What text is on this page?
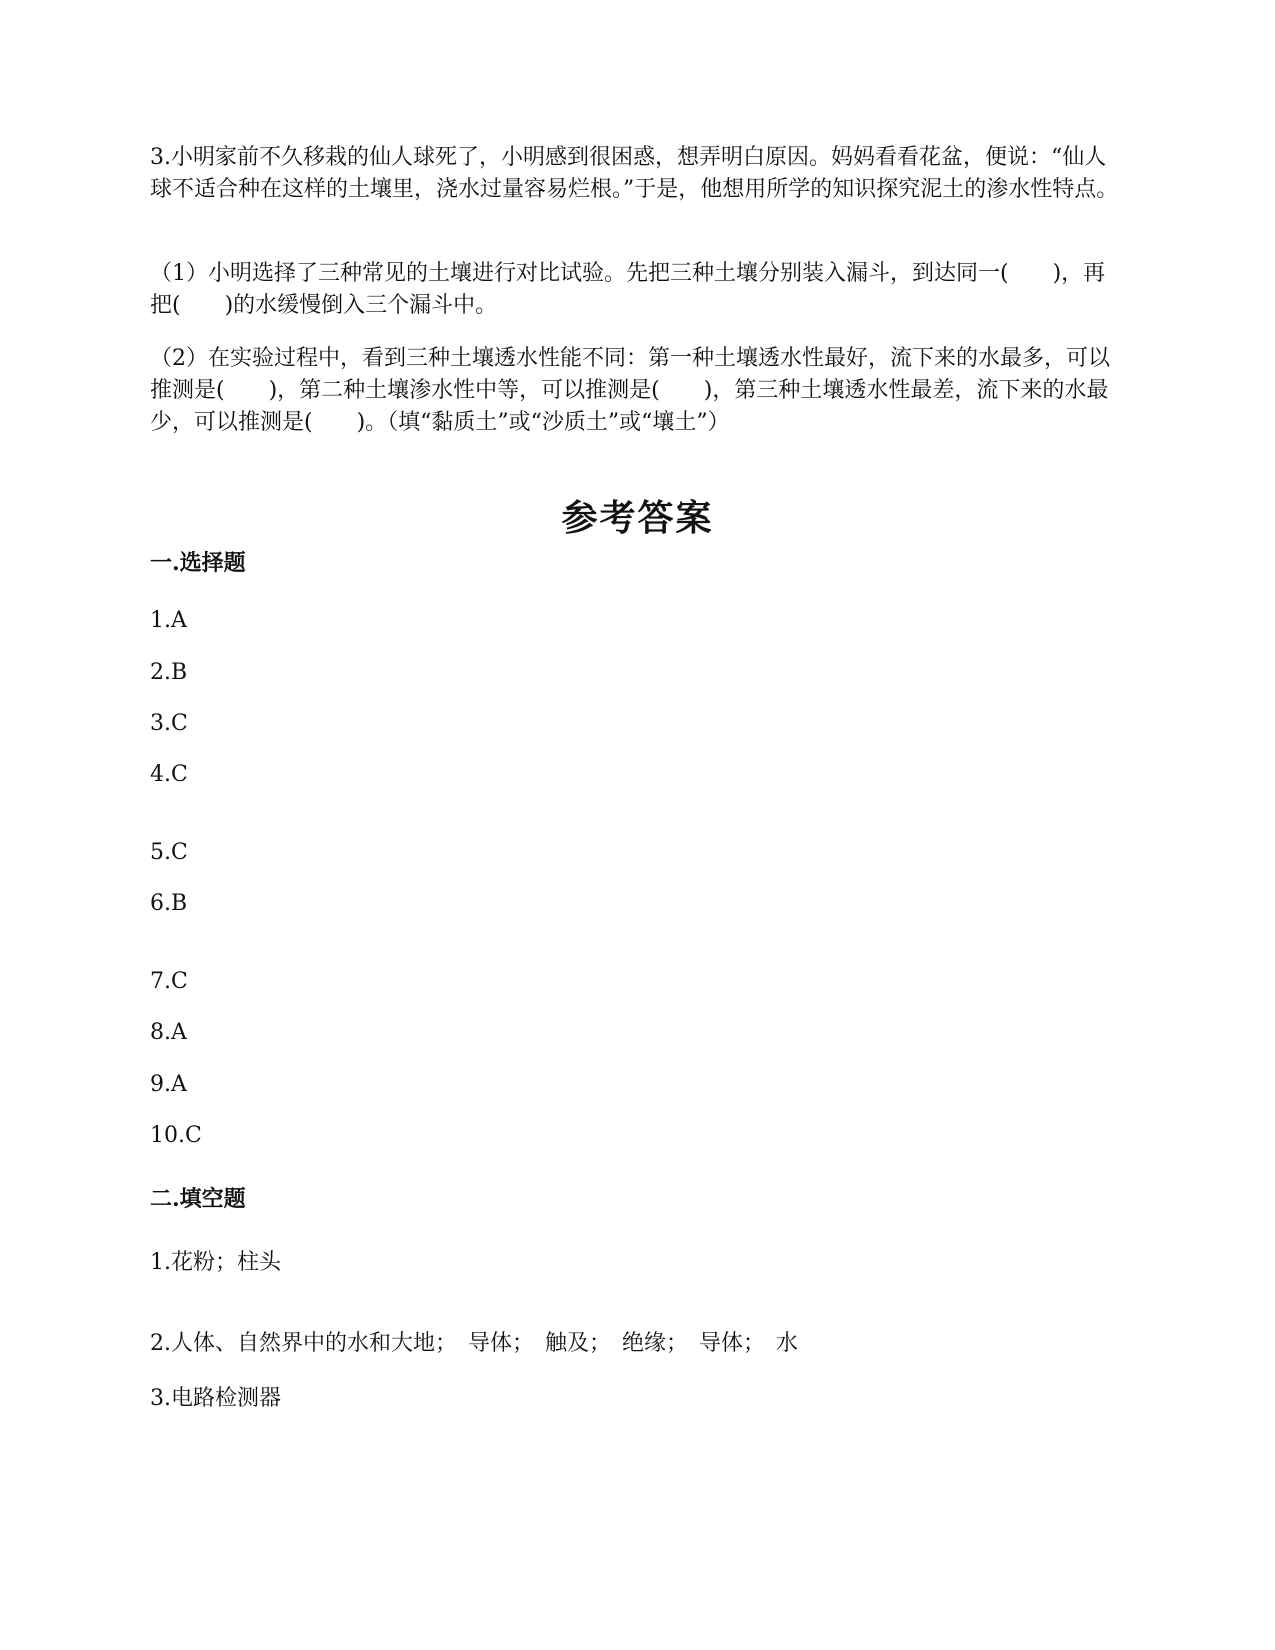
3.小明家前不久移栽的仙人球死了，小明感到很困惑，想弄明白原因。妈妈看看花盆，便说：“仙人球不适合种在这样的土壤里，浇水过量容易烂根。”于是，他想用所学的知识探究泥土的渗水性特点。

（1）小明选择了三种常见的土壤进行对比试验。先把三种土壤分别装入漏斗，到达同一(　　)，再把(　　)的水缓慢倒入三个漏斗中。

（2）在实验过程中，看到三种土壤透水性能不同：第一种土壤透水性最好，流下来的水最多，可以推测是(　　)，第二种土壤渗水性中等，可以推测是(　　)，第三种土壤透水性最差，流下来的水最少，可以推测是(　　)。（填“黏质土”或“沙质土”或“壤土”）

参考答案
一.选择题

1.A

2.B

3.C

4.C

5.C

6.B

7.C

8.A

9.A

10.C

二.填空题

1.花粉；柱头

2.人体、自然界中的水和大地；　导体；　触及；　绝缘；　导体；　水

3.电路检测器
